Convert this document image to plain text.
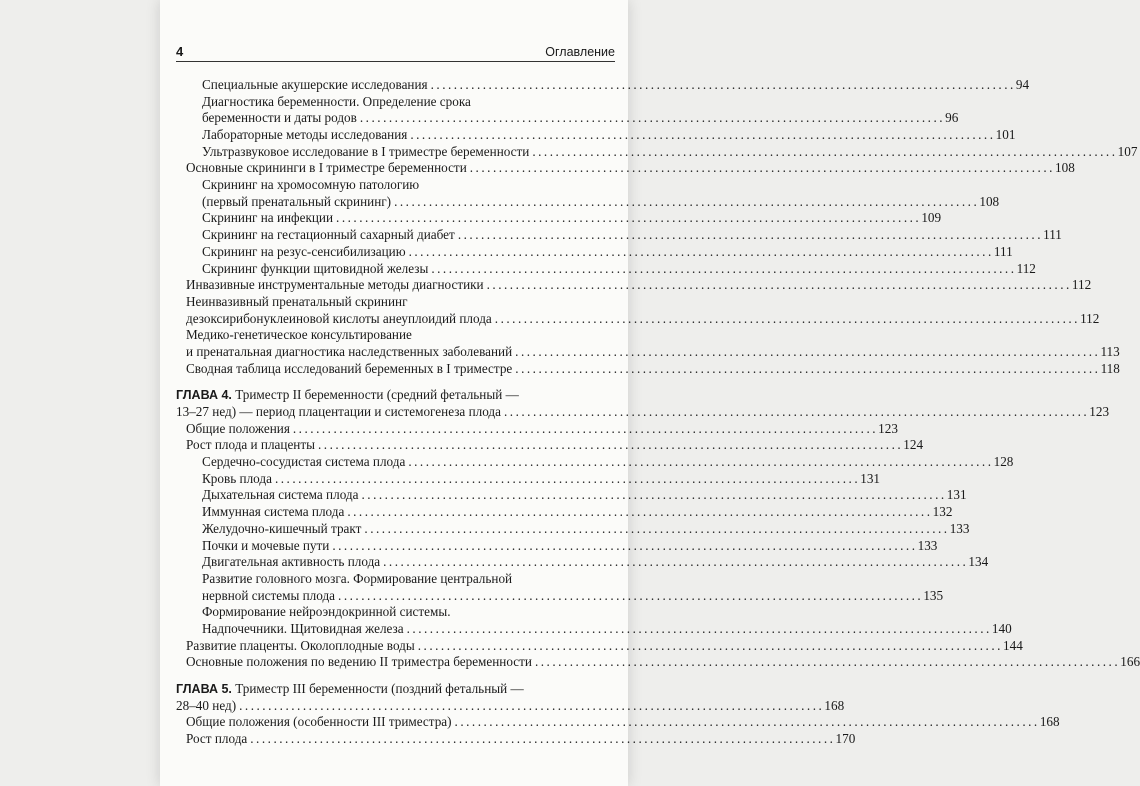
4	Оглавление
Специальные акушерские исследования . . .	94
Диагностика беременности. Определение срока
беременности и даты родов . . .	96
Лабораторные методы исследования . . .	101
Ультразвуковое исследование в I триместре беременности . . .	107
Основные скрининги в I триместре беременности . . .	108
Скрининг на хромосомную патологию
(первый пренатальный скрининг) . . .	108
Скрининг на инфекции . . .	109
Скрининг на гестационный сахарный диабет . . .	111
Скрининг на резус-сенсибилизацию . . .	111
Скрининг функции щитовидной железы . . .	112
Инвазивные инструментальные методы диагностики . . .	112
Неинвазивный пренатальный скрининг
дезоксирибонуклеиновой кислоты анеуплоидий плода . . .	112
Медико-генетическое консультирование
и пренатальная диагностика наследственных заболеваний . . .	113
Сводная таблица исследований беременных в I триместре . . .	118
ГЛАВА 4. Триместр II беременности (средний фетальный —
13–27 нед) — период плацентации и системогенеза плода . . .	123
Общие положения . . .	123
Рост плода и плаценты . . .	124
Сердечно-сосудистая система плода . . .	128
Кровь плода . . .	131
Дыхательная система плода . . .	131
Иммунная система плода . . .	132
Желудочно-кишечный тракт . . .	133
Почки и мочевые пути . . .	133
Двигательная активность плода . . .	134
Развитие головного мозга. Формирование центральной
нервной системы плода . . .	135
Формирование нейроэндокринной системы.
Надпочечники. Щитовидная железа . . .	140
Развитие плаценты. Околоплодные воды . . .	144
Основные положения по ведению II триместра беременности . . .	166
ГЛАВА 5. Триместр III беременности (поздний фетальный —
28–40 нед) . . .	168
Общие положения (особенности III триместра) . . .	168
Рост плода . . .	170
